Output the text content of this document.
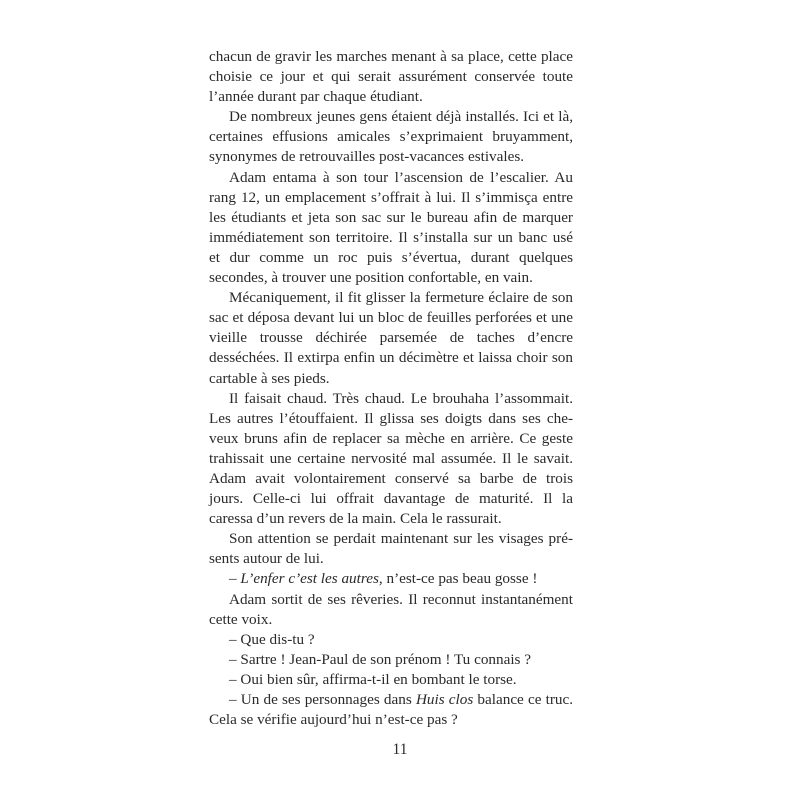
chacun de gravir les marches menant à sa place, cette place choisie ce jour et qui serait assurément conservée toute l’année durant par chaque étudiant.

De nombreux jeunes gens étaient déjà installés. Ici et là, certaines effusions amicales s’exprimaient bruyamment, synonymes de retrouvailles post-vacances estivales.

Adam entama à son tour l’ascension de l’escalier. Au rang 12, un emplacement s’offrait à lui. Il s’immisça entre les étudiants et jeta son sac sur le bureau afin de marquer immédiatement son territoire. Il s’installa sur un banc usé et dur comme un roc puis s’évertua, durant quelques secondes, à trouver une position confortable, en vain.

Mécaniquement, il fit glisser la fermeture éclaire de son sac et déposa devant lui un bloc de feuilles perforées et une vieille trousse déchirée parsemée de taches d’encre desséchées. Il extirpa enfin un décimètre et laissa choir son cartable à ses pieds.

Il faisait chaud. Très chaud. Le brouhaha l’assommait. Les autres l’étouffaient. Il glissa ses doigts dans ses cheveux bruns afin de replacer sa mèche en arrière. Ce geste trahissait une certaine nervosité mal assumée. Il le savait. Adam avait volontairement conservé sa barbe de trois jours. Celle-ci lui offrait davantage de maturité. Il la caressa d’un revers de la main. Cela le rassurait.

Son attention se perdait maintenant sur les visages présents autour de lui.

– L’enfer c’est les autres, n’est-ce pas beau gosse !

Adam sortit de ses rêveries. Il reconnut instantanément cette voix.

– Que dis-tu ?

– Sartre ! Jean-Paul de son prénom ! Tu connais ?

– Oui bien sûr, affirma-t-il en bombant le torse.

– Un de ses personnages dans Huis clos balance ce truc. Cela se vérifie aujourd’hui n’est-ce pas ?

11
